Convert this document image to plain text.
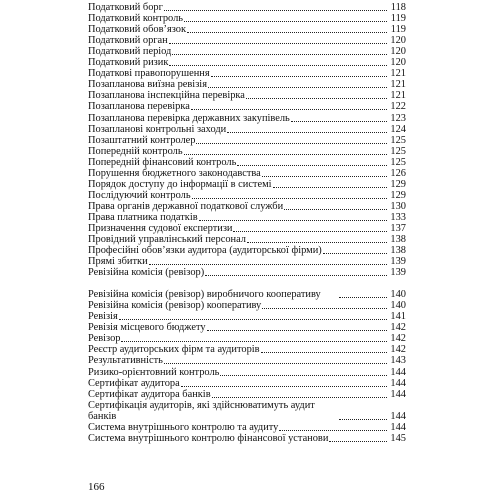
Податковий борг	118
Податковий контроль	119
Податковий обов’язок	119
Податковий орган	120
Податковий період	120
Податковий ризик	120
Податкові правопорушення	121
Позапланова виїзна ревізія	121
Позапланова інспекційна перевірка	121
Позапланова перевірка	122
Позапланова перевірка державних закупівель	123
Позапланові контрольні заходи	124
Позаштатний контролер	125
Попередній контроль	125
Попередній фінансовий контроль	125
Порушення бюджетного законодавства	126
Порядок доступу до інформації в системі	129
Послідуючий контроль	129
Права органів державної податкової служби	130
Права платника податків	133
Призначення судової експертизи	137
Провідний управлінський персонал	138
Професійні обов’язки аудитора (аудиторської фірми)	138
Прямі збитки	139
Ревізійна комісія (ревізор)	139
Ревізійна комісія (ревізор) виробничого кооперативу	140
Ревізійна комісія (ревізор) кооперативу	140
Ревізія	141
Ревізія місцевого бюджету	142
Ревізор	142
Реєстр аудиторських фірм та аудиторів	142
Результативність	143
Ризико-орієнтовний контроль	144
Сертифікат аудитора	144
Сертифікат аудитора банків	144
Сертифікація аудиторів, які здійснюватимуть аудит банків	144
Система внутрішнього контролю та аудиту	144
Система внутрішнього контролю фінансової установи	145
166
